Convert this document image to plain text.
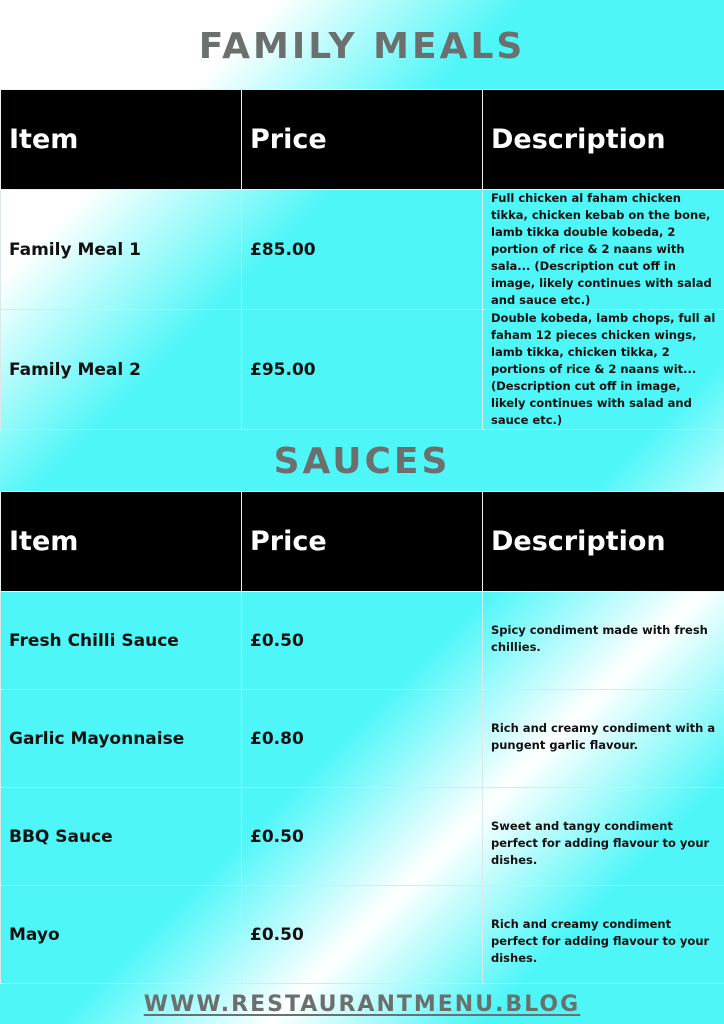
FAMILY MEALS
Item	Price	Description
Family Meal 1	£85.00	Full chicken al faham chicken tikka, chicken kebab on the bone, lamb tikka double kobeda, 2 portion of rice & 2 naans with sala... (Description cut off in image, likely continues with salad and sauce etc.)
Family Meal 2	£95.00	Double kobeda, lamb chops, full al faham 12 pieces chicken wings, lamb tikka, chicken tikka, 2 portions of rice & 2 naans wit... (Description cut off in image, likely continues with salad and sauce etc.)
SAUCES
Item	Price	Description
Fresh Chilli Sauce	£0.50	Spicy condiment made with fresh chillies.
Garlic Mayonnaise	£0.80	Rich and creamy condiment with a pungent garlic flavour.
BBQ Sauce	£0.50	Sweet and tangy condiment perfect for adding flavour to your dishes.
Mayo	£0.50	Rich and creamy condiment perfect for adding flavour to your dishes.
WWW.RESTAURANTMENU.BLOG
